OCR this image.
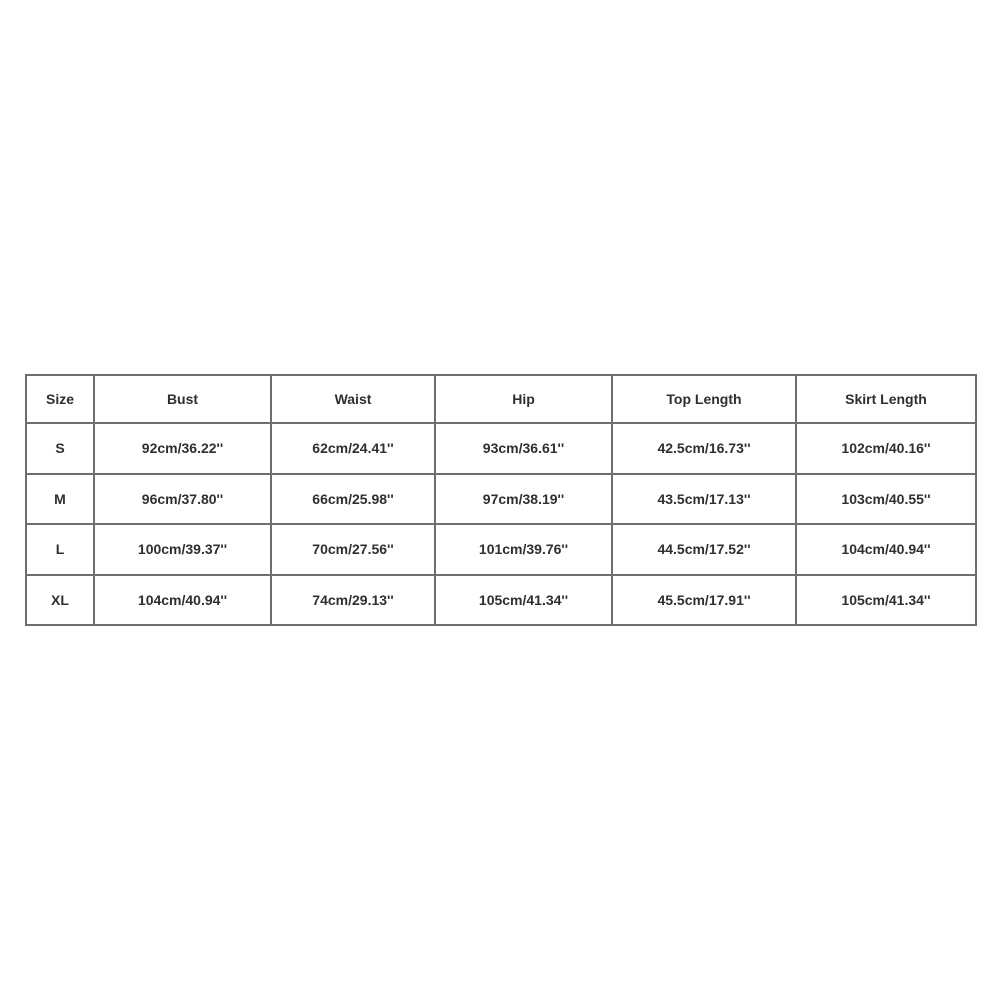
Size	Bust	Waist	Hip	Top Length	Skirt Length
S	92cm/36.22''	62cm/24.41''	93cm/36.61''	42.5cm/16.73''	102cm/40.16''
M	96cm/37.80''	66cm/25.98''	97cm/38.19''	43.5cm/17.13''	103cm/40.55''
L	100cm/39.37''	70cm/27.56''	101cm/39.76''	44.5cm/17.52''	104cm/40.94''
XL	104cm/40.94''	74cm/29.13''	105cm/41.34''	45.5cm/17.91''	105cm/41.34''
